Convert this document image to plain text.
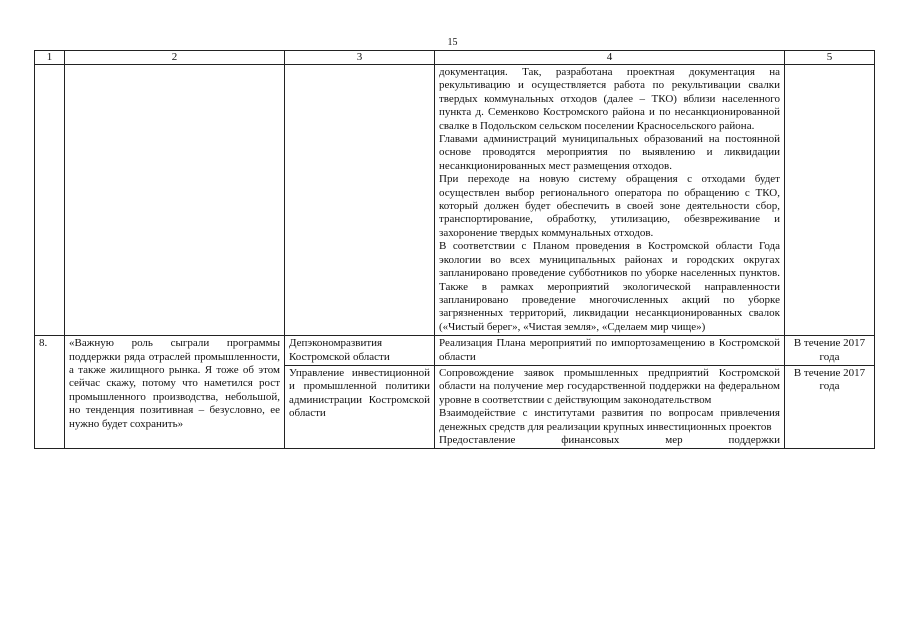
15
1	2	3	4	5

			документация. Так, разработана проектная документация на рекультивацию и осуществляется работа по рекультивации свалки твердых коммунальных отходов (далее – ТКО) вблизи населенного пункта д. Семенково Костромского района и по несанкционированной свалке в Подольском сельском поселении Красносельского района.
Главами администраций муниципальных образований на постоянной основе проводятся мероприятия по выявлению и ликвидации несанкционированных мест размещения отходов.
При переходе на новую систему обращения с отходами будет осуществлен выбор регионального оператора по обращению с ТКО, который должен будет обеспечить в своей зоне деятельности сбор, транспортирование, обработку, утилизацию, обезвреживание и захоронение твердых коммунальных отходов.
В соответствии с Планом проведения в Костромской области Года экологии во всех муниципальных районах и городских округах запланировано проведение субботников по уборке населенных пунктов. Также в рамках мероприятий экологической направленности запланировано проведение многочисленных акций по уборке загрязненных территорий, ликвидации несанкционированных свалок («Чистый берег», «Чистая земля», «Сделаем мир чище»)	

8.	«Важную роль сыграли программы поддержки ряда отраслей промышленности, а также жилищного рынка. Я тоже об этом сейчас скажу, потому что наметился рост промышленного производства, небольшой, но тенденция позитивная – безусловно, ее нужно будет сохранить»	Депэкономразвития Костромской области	Реализация Плана мероприятий по импортозамещению в Костромской области	В течение 2017 года
		Управление инвестиционной и промышленной политики администрации Костромской области	Сопровождение заявок промышленных предприятий Костромской области на получение мер государственной поддержки на федеральном уровне в соответствии с действующим законодательством
Взаимодействие с институтами развития по вопросам привлечения денежных средств для реализации крупных инвестиционных проектов
Предоставление финансовых мер поддержки	В течение 2017 года
